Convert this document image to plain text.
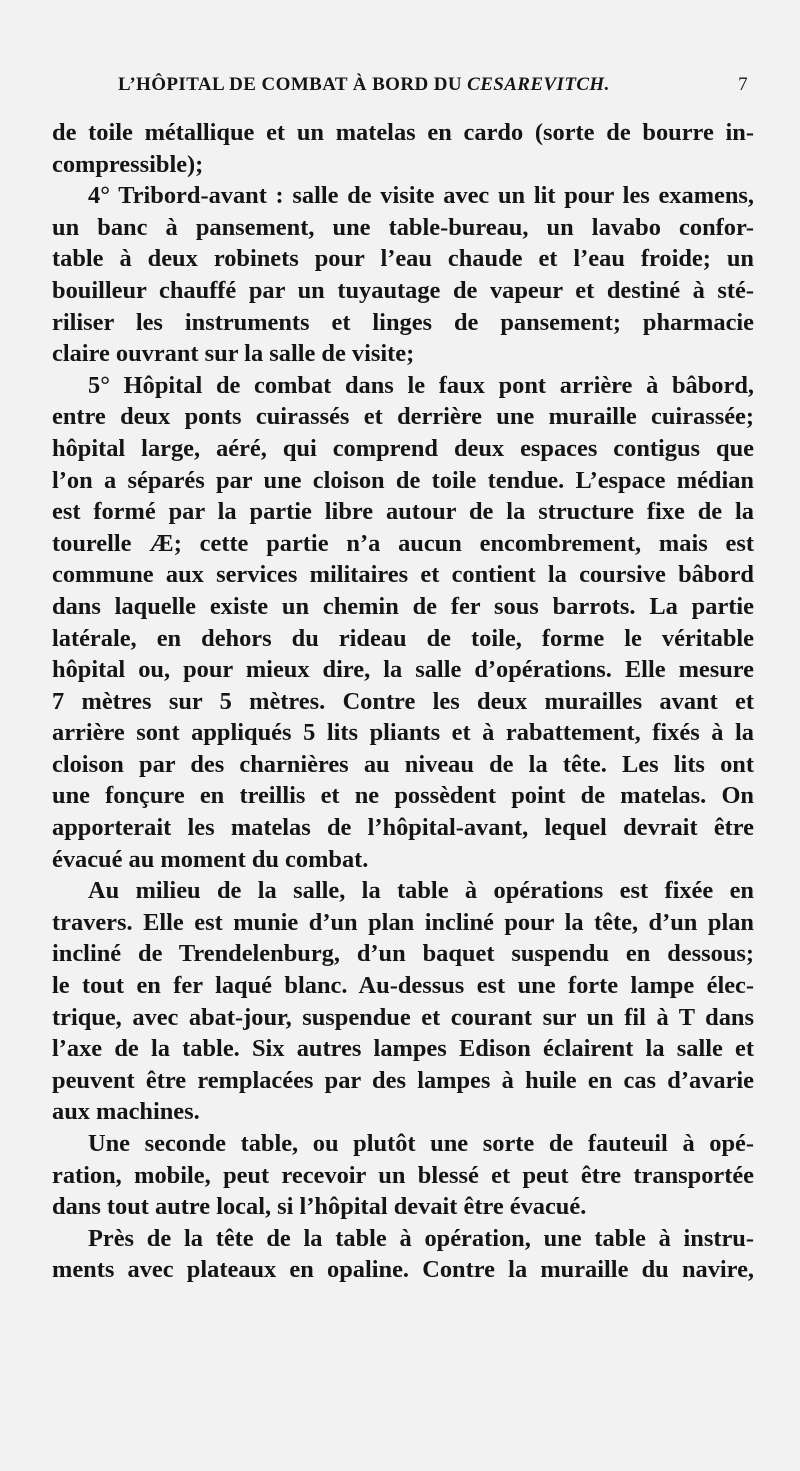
L’HÔPITAL DE COMBAT À BORD DU CESAREVITCH.	7
de toile métallique et un matelas en cardo (sorte de bourre in-
compressible);
4° Tribord-avant : salle de visite avec un lit pour les examens,
un banc à pansement, une table-bureau, un lavabo confor-
table à deux robinets pour l’eau chaude et l’eau froide; un
bouilleur chauffé par un tuyautage de vapeur et destiné à sté-
riliser les instruments et linges de pansement; pharmacie
claire ouvrant sur la salle de visite;
5° Hôpital de combat dans le faux pont arrière à bâbord,
entre deux ponts cuirassés et derrière une muraille cuirassée;
hôpital large, aéré, qui comprend deux espaces contigus que
l’on a séparés par une cloison de toile tendue. L’espace médian
est formé par la partie libre autour de la structure fixe de la
tourelle Æ; cette partie n’a aucun encombrement, mais est
commune aux services militaires et contient la coursive bâbord
dans laquelle existe un chemin de fer sous barrots. La partie
latérale, en dehors du rideau de toile, forme le véritable
hôpital ou, pour mieux dire, la salle d’opérations. Elle mesure
7 mètres sur 5 mètres. Contre les deux murailles avant et
arrière sont appliqués 5 lits pliants et à rabattement, fixés à la
cloison par des charnières au niveau de la tête. Les lits ont
une fonçure en treillis et ne possèdent point de matelas. On
apporterait les matelas de l’hôpital-avant, lequel devrait être
évacué au moment du combat.
Au milieu de la salle, la table à opérations est fixée en
travers. Elle est munie d’un plan incliné pour la tête, d’un plan
incliné de Trendelenburg, d’un baquet suspendu en dessous;
le tout en fer laqué blanc. Au-dessus est une forte lampe élec-
trique, avec abat-jour, suspendue et courant sur un fil à T dans
l’axe de la table. Six autres lampes Edison éclairent la salle et
peuvent être remplacées par des lampes à huile en cas d’avarie
aux machines.
Une seconde table, ou plutôt une sorte de fauteuil à opé-
ration, mobile, peut recevoir un blessé et peut être transportée
dans tout autre local, si l’hôpital devait être évacué.
Près de la tête de la table à opération, une table à instru-
ments avec plateaux en opaline. Contre la muraille du navire,
